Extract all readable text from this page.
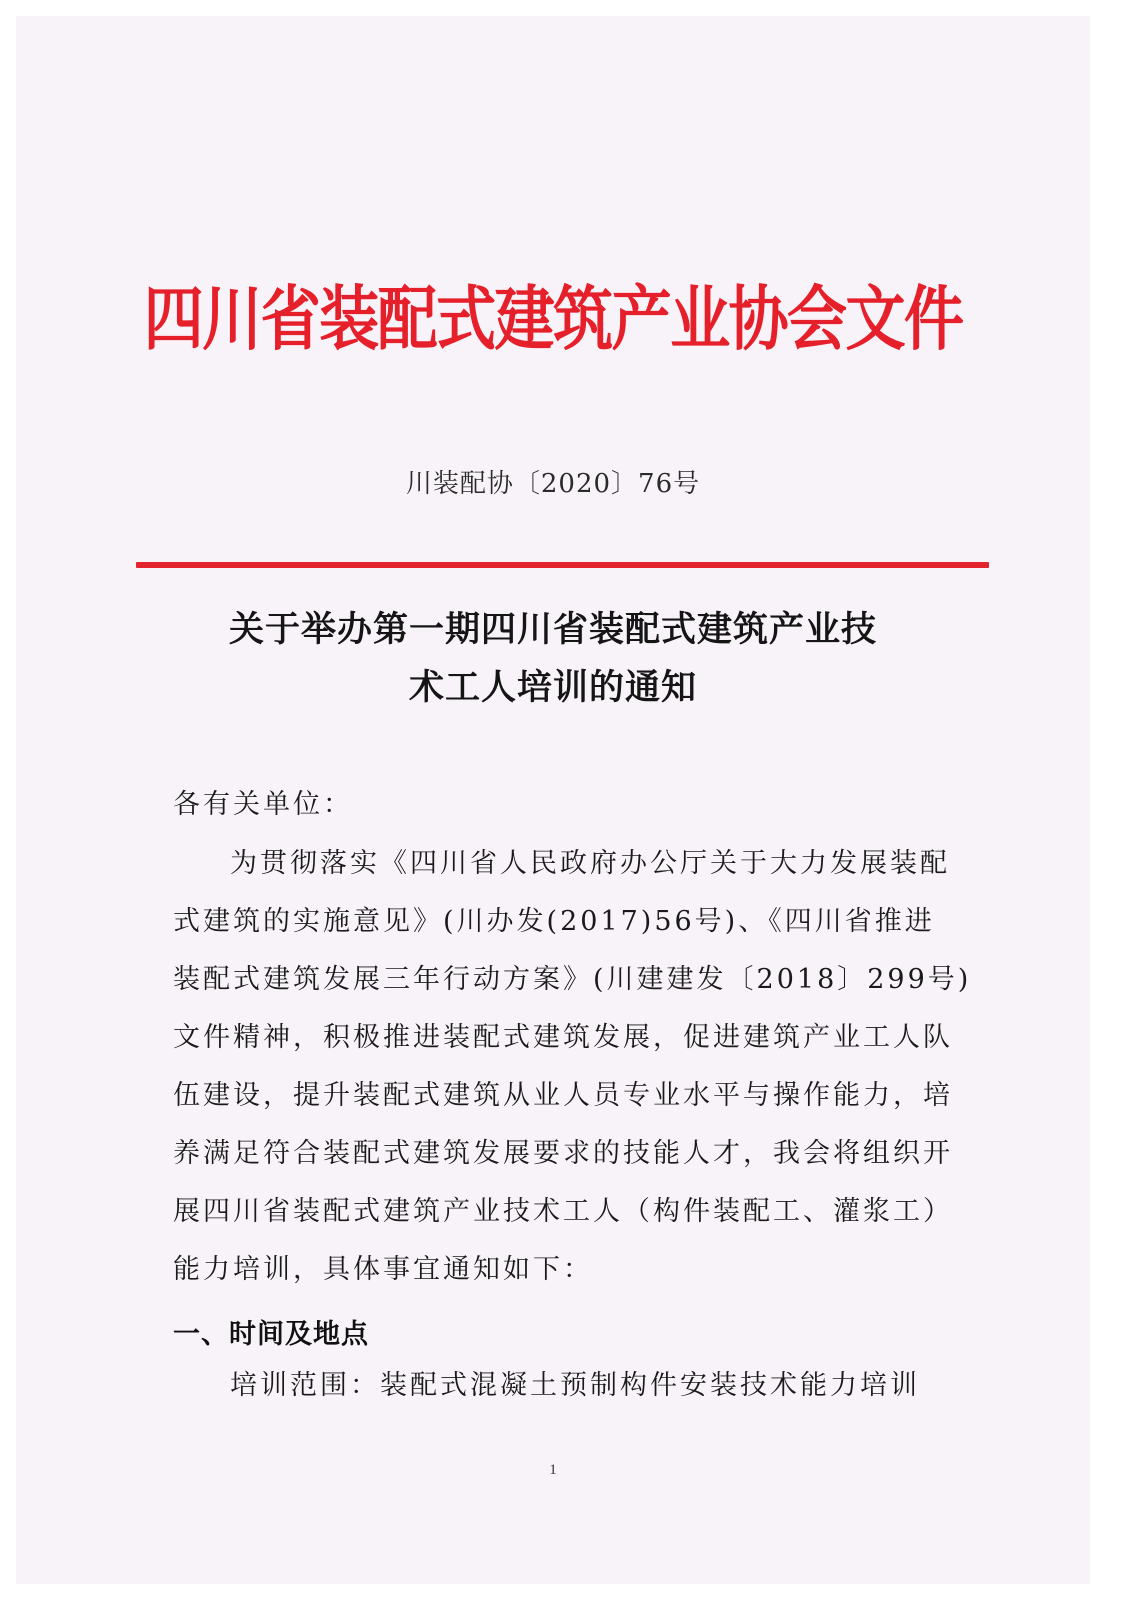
四川省装配式建筑产业协会文件
川装配协〔2020〕76号
关于举办第一期四川省装配式建筑产业技
术工人培训的通知
各有关单位：
为贯彻落实《四川省人民政府办公厅关于大力发展装配
式建筑的实施意见》(川办发(2017)56号)、《四川省推进
装配式建筑发展三年行动方案》(川建建发〔2018〕299号)
文件精神，积极推进装配式建筑发展，促进建筑产业工人队
伍建设，提升装配式建筑从业人员专业水平与操作能力，培
养满足符合装配式建筑发展要求的技能人才，我会将组织开
展四川省装配式建筑产业技术工人（构件装配工、灌浆工）
能力培训，具体事宜通知如下：
一、时间及地点
培训范围：装配式混凝土预制构件安装技术能力培训
1
